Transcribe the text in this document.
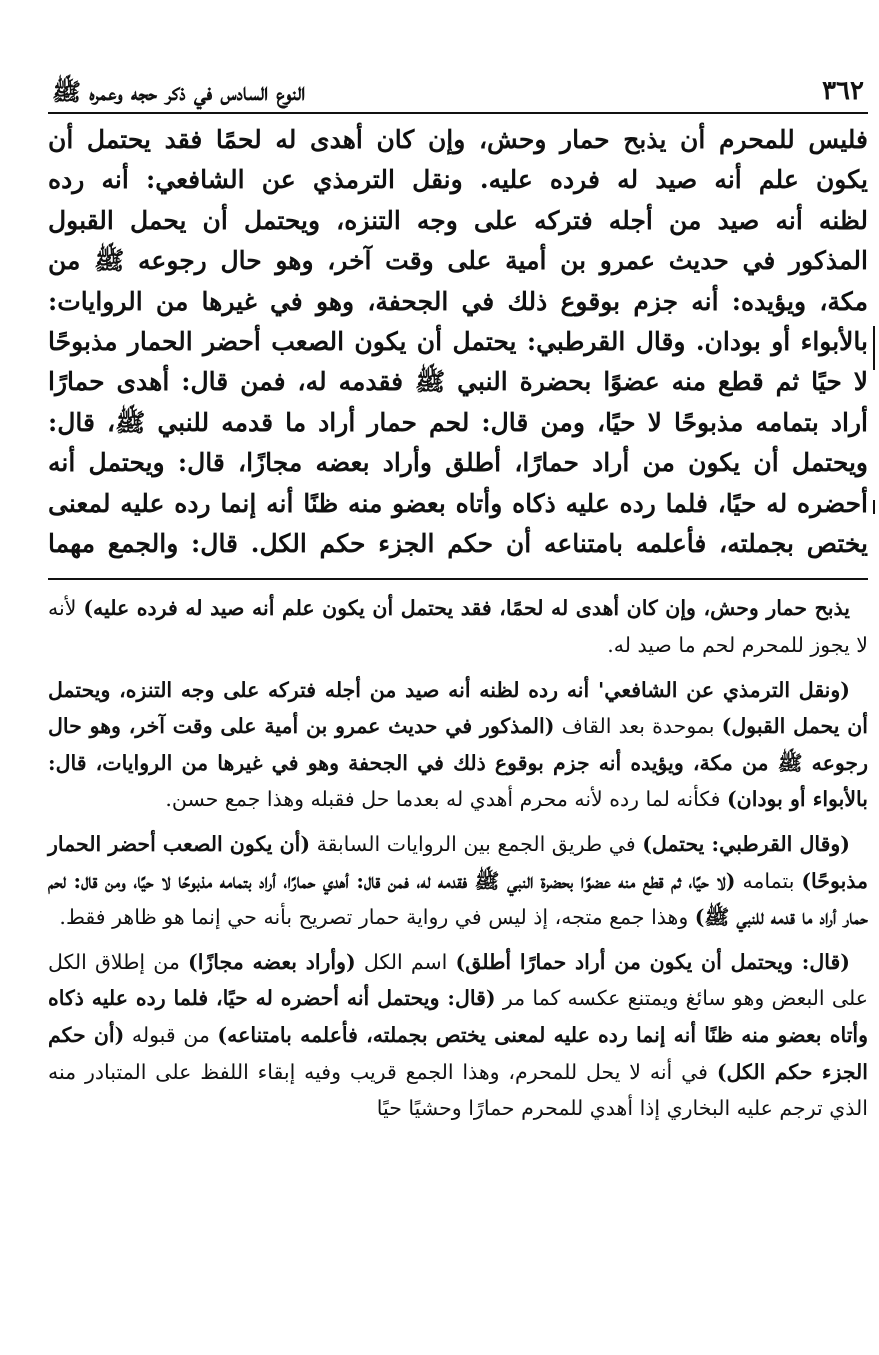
٣٦٢
النوع السادس في ذكر حجه وعمره ﷺ
فليس للمحرم أن يذبح حمار وحش، وإن كان أهدى له لحمًا فقد يحتمل أن
يكون علم أنه صيد له فرده عليه. ونقل الترمذي عن الشافعي: أنه رده
لظنه أنه صيد من أجله فتركه على وجه التنزه، ويحتمل أن يحمل القبول
المذكور في حديث عمرو بن أمية على وقت آخر، وهو حال رجوعه ﷺ من
مكة، ويؤيده: أنه جزم بوقوع ذلك في الجحفة، وهو في غيرها من الروايات:
بالأبواء أو بودان. وقال القرطبي: يحتمل أن يكون الصعب أحضر الحمار مذبوحًا
لا حيًا ثم قطع منه عضوًا بحضرة النبي ﷺ فقدمه له، فمن قال: أهدى حمارًا
أراد بتمامه مذبوحًا لا حيًا، ومن قال: لحم حمار أراد ما قدمه للنبي ﷺ، قال:
ويحتمل أن يكون من أراد حمارًا، أطلق وأراد بعضه مجازًا، قال: ويحتمل أنه
أحضره له حيًا، فلما رده عليه ذكاه وأتاه بعضو منه ظنًا أنه إنما رده عليه لمعنى
يختص بجملته، فأعلمه بامتناعه أن حكم الجزء حكم الكل. قال: والجمع مهما

يذبح حمار وحش، وإن كان أهدى له لحمًا، فقد يحتمل أن يكون علم أنه صيد له فرده عليه) لأنه لا يجوز للمحرم لحم ما صيد له.

(ونقل الترمذي عن الشافعي' أنه رده لظنه أنه صيد من أجله فتركه على وجه التنزه، ويحتمل أن يحمل القبول) بموحدة بعد القاف (المذكور في حديث عمرو بن أمية على وقت آخر، وهو حال رجوعه ﷺ من مكة، ويؤيده أنه جزم بوقوع ذلك في الجحفة وهو في غيرها من الروايات، قال: بالأبواء أو بودان) فكأنه لما رده لأنه محرم أهدي له بعدما حل فقبله وهذا جمع حسن.

(وقال القرطبي: يحتمل) في طريق الجمع بين الروايات السابقة (أن يكون الصعب أحضر الحمار مذبوحًا) بتمامه (لا حيًا، ثم قطع منه عضوًا بحضرة النبي ﷺ فقدمه له، فمن قال: أهدي حمارًا، أراد بتمامه مذبوحًا لا حيًا، ومن قال: لحم حمار أراد ما قدمه للنبي ﷺ) وهذا جمع متجه، إذ ليس في رواية حمار تصريح بأنه حي إنما هو ظاهر فقط.

(قال: ويحتمل أن يكون من أراد حمارًا أطلق) اسم الكل (وأراد بعضه مجازًا) من إطلاق الكل على البعض وهو سائغ ويمتنع عكسه كما مر (قال: ويحتمل أنه أحضره له حيًا، فلما رده عليه ذكاه وأتاه بعضو منه ظنًا أنه إنما رده عليه لمعنى يختص بجملته، فأعلمه بامتناعه) من قبوله (أن حكم الجزء حكم الكل) في أنه لا يحل للمحرم، وهذا الجمع قريب وفيه إبقاء اللفظ على المتبادر منه الذي ترجم عليه البخاري إذا أهدي للمحرم حمارًا وحشيًا حيًا
